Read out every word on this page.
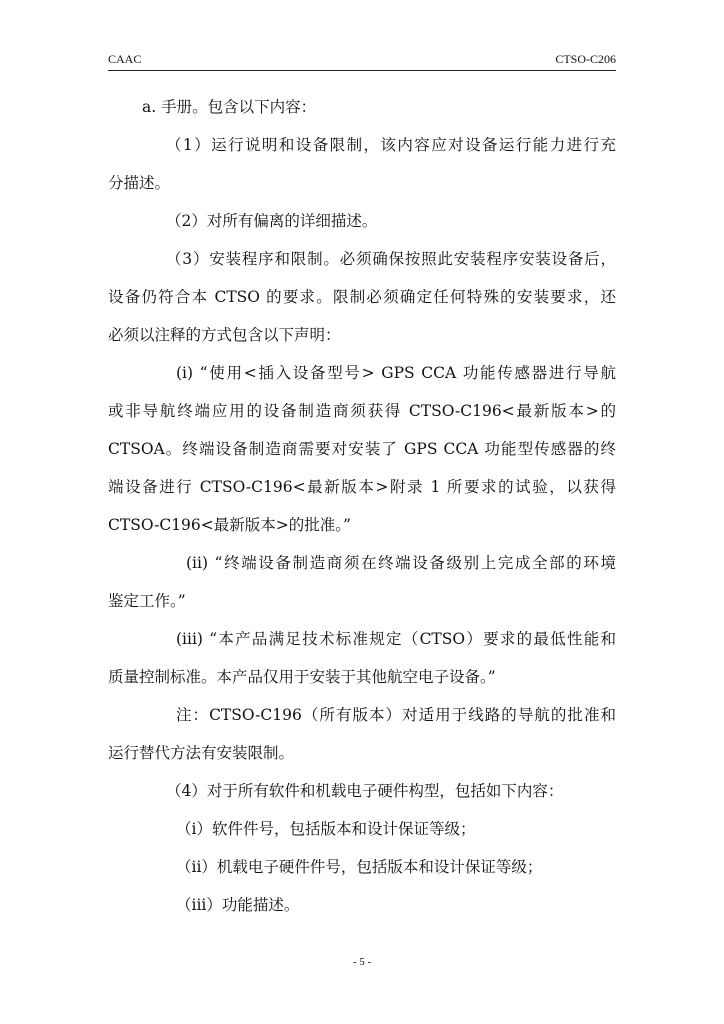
CAAC	CTSO-C206
a. 手册。包含以下内容：
（1）运行说明和设备限制，该内容应对设备运行能力进行充
分描述。
（2）对所有偏离的详细描述。
（3）安装程序和限制。必须确保按照此安装程序安装设备后，
设备仍符合本 CTSO 的要求。限制必须确定任何特殊的安装要求，还
必须以注释的方式包含以下声明：
(i) “使用<插入设备型号> GPS CCA 功能传感器进行导航
或非导航终端应用的设备制造商须获得 CTSO-C196<最新版本>的
CTSOA。终端设备制造商需要对安装了 GPS CCA 功能型传感器的终
端设备进行 CTSO-C196<最新版本>附录 1 所要求的试验，以获得
CTSO-C196<最新版本>的批准。”
(ii) “终端设备制造商须在终端设备级别上完成全部的环境
鉴定工作。”
(iii) “本产品满足技术标准规定（CTSO）要求的最低性能和
质量控制标准。本产品仅用于安装于其他航空电子设备。”
注：CTSO-C196（所有版本）对适用于线路的导航的批准和
运行替代方法有安装限制。
（4）对于所有软件和机载电子硬件构型，包括如下内容：
（i）软件件号，包括版本和设计保证等级；
（ii）机载电子硬件件号，包括版本和设计保证等级；
（iii）功能描述。
- 5 -
